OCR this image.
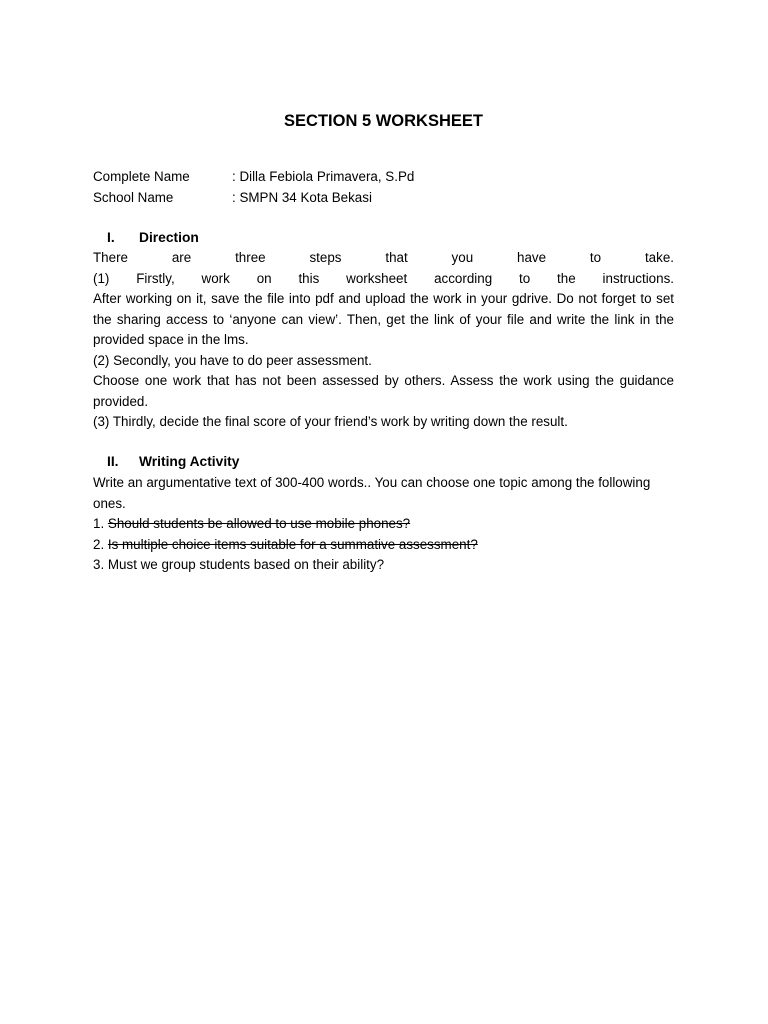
SECTION 5 WORKSHEET
Complete Name	: Dilla Febiola Primavera, S.Pd
School Name	: SMPN 34 Kota Bekasi
I.	Direction

There are three steps that you have to take.

(1) Firstly, work on this worksheet according to the instructions.

After working on it, save the file into pdf and upload the work in your gdrive. Do not forget to set the sharing access to ‘anyone can view’. Then, get the link of your file and write the link in the provided space in the lms.

(2) Secondly, you have to do peer assessment.

Choose one work that has not been assessed by others. Assess the work using the guidance provided.

(3) Thirdly, decide the final score of your friend’s work by writing down the result.

II.	Writing Activity

Write an argumentative text of 300-400 words.. You can choose one topic among the following ones.

1. Should students be allowed to use mobile phones?

2. Is multiple choice items suitable for a summative assessment?

3. Must we group students based on their ability?
